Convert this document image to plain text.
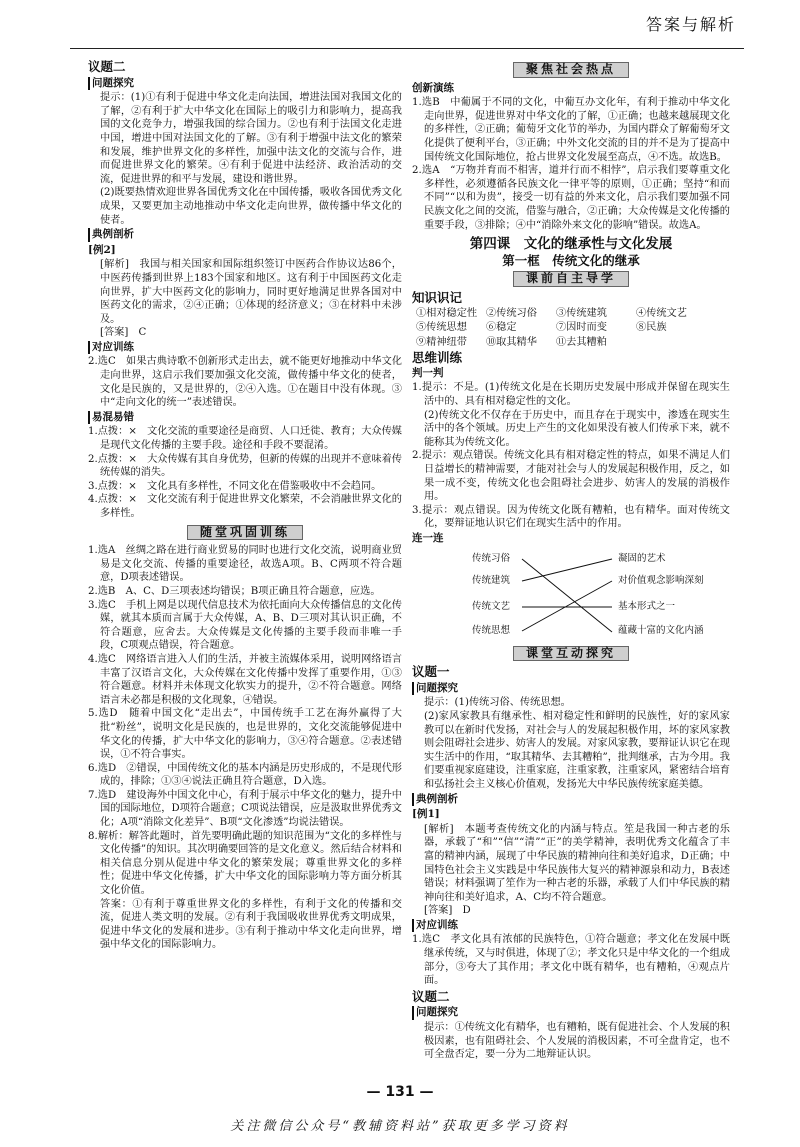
答案与解析
议题二
问题探究

提示：(1)①有利于促进中华文化走向法国，增进法国对我国文化的了解，②有利于扩大中华文化在国际上的吸引力和影响力，提高我国的文化竞争力，增强我国的综合国力。②也有利于法国文化走进中国，增进中国对法国文化的了解。③有利于增强中法文化的繁荣和发展，维护世界文化的多样性，加强中法文化的交流与合作，进而促进世界文化的繁荣。④有利于促进中法经济、政治活动的交流，促进世界的和平与发展，建设和谐世界。

(2)既要热情欢迎世界各国优秀文化在中国传播，吸收各国优秀文化成果，又要更加主动地推动中华文化走向世界，做传播中华文化的使者。

典例剖析
[例2]

[解析]　我国与相关国家和国际组织签订中医药合作协议达86个，中医药传播到世界上183个国家和地区。这有利于中国医药文化走向世界，扩大中医药文化的影响力，同时更好地满足世界各国对中医药文化的需求，②④正确；①体现的经济意义；③在材料中未涉及。

[答案]　C

对应训练

2.选C　如果古典诗歌不创新形式走出去，就不能更好地推动中华文化走向世界，这启示我们要加强文化交流，做传播中华文化的使者，文化是民族的，又是世界的，②④入选。①在题目中没有体现。③中“走向文化的统一”表述错误。

易混易错

1.点拨：×　文化交流的重要途径是商贸、人口迁徙、教育；大众传媒是现代文化传播的主要手段。途径和手段不要混淆。

2.点拨：×　大众传媒有其自身优势，但新的传媒的出现并不意味着传统传媒的消失。

3.点拨：×　文化具有多样性，不同文化在借鉴吸收中不会趋同。

4.点拨：×　文化交流有利于促进世界文化繁荣，不会消融世界文化的多样性。

随堂巩固训练

1.选A　丝绸之路在进行商业贸易的同时也进行文化交流，说明商业贸易是文化交流、传播的重要途径，故选A项。B、C两项不符合题意，D项表述错误。

2.选B　A、C、D三项表述均错误；B项正确且符合题意，应选。

3.选C　手机上网是以现代信息技术为依托面向大众传播信息的文化传媒，就其本质而言属于大众传媒，A、B、D三项对其认识正确，不符合题意，应舍去。大众传媒是文化传播的主要手段而非唯一手段，C项观点错误，符合题意。

4.选C　网络语言进入人们的生活，并被主流媒体采用，说明网络语言丰富了汉语言文化，大众传媒在文化传播中发挥了重要作用，①③符合题意。材料并未体现文化软实力的提升，②不符合题意。网络语言未必都是积极的文化现象，④错误。

5.选D　随着中国文化“走出去”，中国传统手工艺在海外赢得了大批“粉丝”，说明文化是民族的，也是世界的，文化交流能够促进中华文化的传播，扩大中华文化的影响力，③④符合题意。②表述错误，①不符合事实。

6.选D　②错误，中国传统文化的基本内涵是历史形成的，不是现代形成的，排除；①③④说法正确且符合题意，D入选。

7.选D　建设海外中国文化中心，有利于展示中华文化的魅力，提升中国的国际地位，D项符合题意；C项说法错误，应是汲取世界优秀文化；A项“消除文化差异”、B项“文化渗透”均说法错误。

8.解析：解答此题时，首先要明确此题的知识范围为“文化的多样性与文化传播”的知识。其次明确要回答的是文化意义。然后结合材料和相关信息分别从促进中华文化的繁荣发展；尊重世界文化的多样性；促进中华文化传播，扩大中华文化的国际影响力等方面分析其文化价值。

答案：①有利于尊重世界文化的多样性，有利于文化的传播和交流，促进人类文明的发展。②有利于我国吸收世界优秀文明成果，促进中华文化的发展和进步。③有利于推动中华文化走向世界，增强中华文化的国际影响力。

聚焦社会热点
创新演练

1.选B　中葡属于不同的文化，中葡互办文化年，有利于推动中华文化走向世界，促进世界对中华文化的了解，①正确；也越来越展现文化的多样性，②正确；葡萄牙文化节的举办，为国内群众了解葡萄牙文化提供了便利平台，③正确；中外文化交流的目的并不是为了提高中国传统文化国际地位，抢占世界文化发展至高点，④不选。故选B。

2.选A　“万物并育而不相害，道并行而不相悖”，启示我们要尊重文化多样性，必须遵循各民族文化一律平等的原则，①正确；坚持“和而不同”“以和为贵”，接受一切有益的外来文化，启示我们要加强不同民族文化之间的交流，借鉴与融合，②正确；大众传媒是文化传播的重要手段，③排除；④中“消除外来文化的影响”错误。故选A。

第四课　文化的继承性与文化发展
第一框　传统文化的继承
课前自主导学
知识识记
①相对稳定性 ②传统习俗	③传统建筑	④传统文艺
⑤传统思想	⑥稳定	⑦因时而变	⑧民族
⑨精神纽带	⑩取其精华	⑪去其糟粕
思维训练
判一判

1.提示：不是。(1)传统文化是在长期历史发展中形成并保留在现实生活中的、具有相对稳定性的文化。

(2)传统文化不仅存在于历史中，而且存在于现实中，渗透在现实生活中的各个领域。历史上产生的文化如果没有被人们传承下来，就不能称其为传统文化。

2.提示：观点错误。传统文化具有相对稳定性的特点，如果不满足人们日益增长的精神需要，才能对社会与人的发展起积极作用，反之，如果一成不变，传统文化也会阻碍社会进步、妨害人的发展的消极作用。

3.提示：观点错误。因为传统文化既有糟粕，也有精华。面对传统文化，要辩证地认识它们在现实生活中的作用。

连一连
传统习俗
传统建筑
传统文艺
传统思想
凝固的艺术
对价值观念影响深刻
基本形式之一
蕴藏十富的文化内涵
课堂互动探究
议题一
问题探究

提示：(1)传统习俗、传统思想。

(2)家风家教具有继承性、相对稳定性和鲜明的民族性，好的家风家教可以在新时代发扬，对社会与人的发展起积极作用，坏的家风家教则会阻碍社会进步、妨害人的发展。对家风家教，要辩证认识它在现实生活中的作用，“取其精华、去其糟粕”，批判继承，古为今用。我们要重视家庭建设，注重家庭，注重家教，注重家风，紧密结合培育和弘扬社会主义核心价值观，发扬光大中华民族传统家庭美德。

典例剖析
[例1]

[解析]　本题考查传统文化的内涵与特点。笙是我国一种古老的乐器，承载了“和”“信”“清”“正”的美学精神，表明优秀文化蕴含了丰富的精神内涵，展现了中华民族的精神向往和美好追求，D正确；中国特色社会主义实践是中华民族伟大复兴的精神源泉和动力，B表述错误；材料强调了笙作为一种古老的乐器，承载了人们中华民族的精神向往和美好追求，A、C均不符合题意。

[答案]　D

对应训练

1.选C　孝文化具有浓郁的民族特色，①符合题意；孝文化在发展中既继承传统，又与时俱进，体现了②；孝文化只是中华文化的一个组成部分，③夸大了其作用；孝文化中既有精华，也有糟粕，④观点片面。

议题二
问题探究

提示：①传统文化有精华，也有糟粕，既有促进社会、个人发展的积极因素，也有阻碍社会、个人发展的消极因素，不可全盘肯定，也不可全盘否定，要一分为二地辩证认识。

— 131 —
关注微信公众号“教辅资料站”获取更多学习资料
